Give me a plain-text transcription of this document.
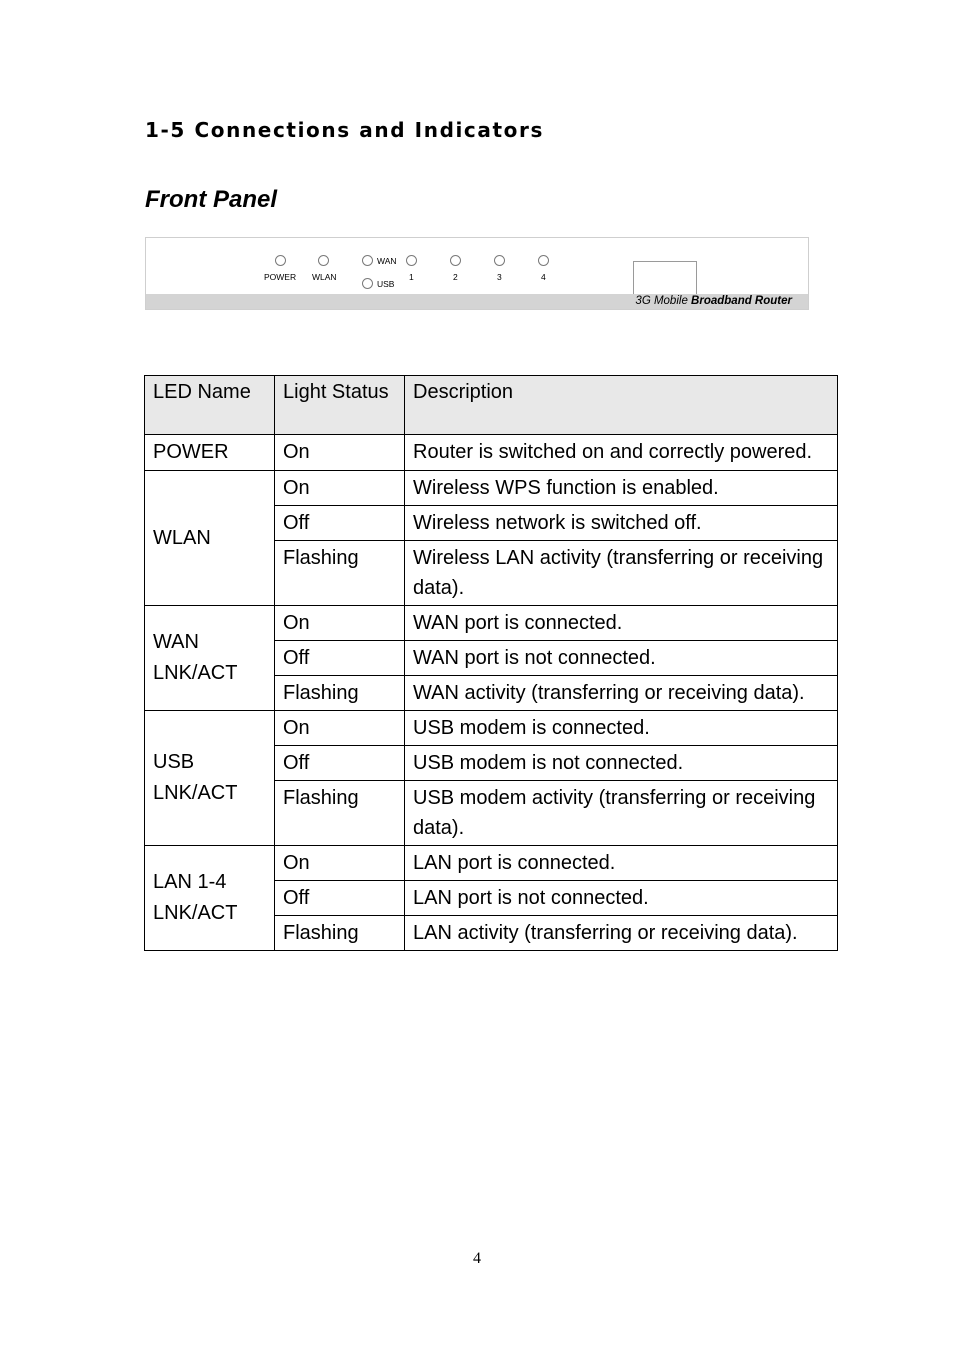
1-5 Connections and Indicators
Front Panel
POWER WLAN
WAN
USB
1	2	3	4
3G Mobile Broadband Router
LED Name	Light Status	Description

POWER	On	Router is switched on and correctly powered.

WLAN	On	Wireless WPS function is enabled.
	Off	Wireless network is switched off.
	Flashing	Wireless LAN activity (transferring or receiving data).

WAN
LNK/ACT	On	WAN port is connected.
	Off	WAN port is not connected.
	Flashing	WAN activity (transferring or receiving data).

USB
LNK/ACT	On	USB modem is connected.
	Off	USB modem is not connected.
	Flashing	USB modem activity (transferring or receiving data).

LAN 1-4
LNK/ACT	On	LAN port is connected.
	Off	LAN port is not connected.
	Flashing	LAN activity (transferring or receiving data).
4
